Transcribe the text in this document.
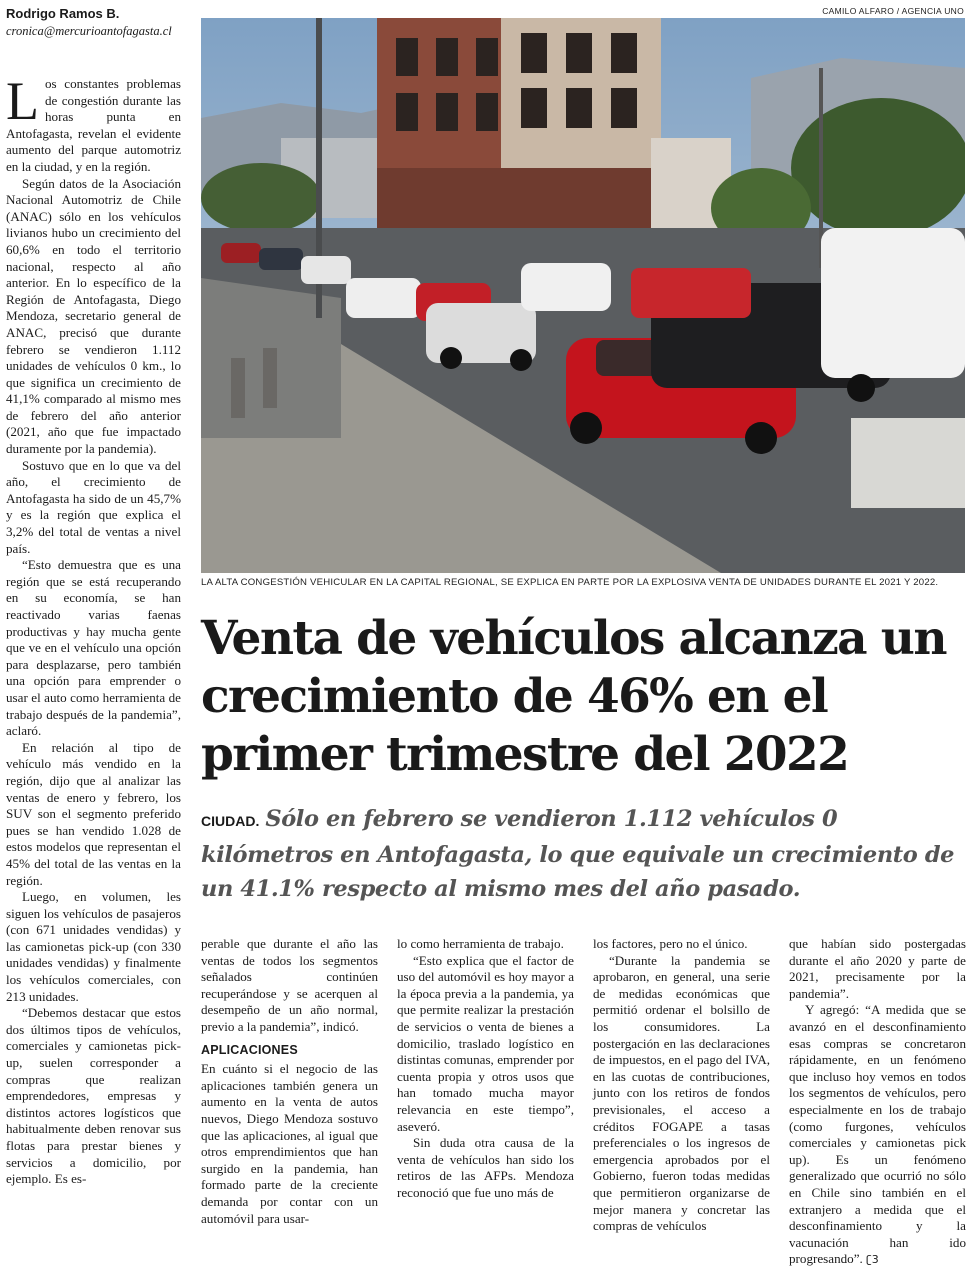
Rodrigo Ramos B.
cronica@mercurioantofagasta.cl
CAMILO ALFARO / AGENCIA UNO
LA ALTA CONGESTIÓN VEHICULAR EN LA CAPITAL REGIONAL, SE EXPLICA EN PARTE POR LA EXPLOSIVA VENTA DE UNIDADES DURANTE EL 2021 Y 2022.
Venta de vehículos alcanza un crecimiento de 46% en el primer trimestre del 2022
CIUDAD. Sólo en febrero se vendieron 1.112 vehículos 0 kilómetros en Antofagasta, lo que equivale un crecimiento de un 41.1% respecto al mismo mes del año pasado.

Los constantes problemas de congestión durante las horas punta en Antofagasta, revelan el evidente aumento del parque automotriz en la ciudad, y en la región.

Según datos de la Asociación Nacional Automotriz de Chile (ANAC) sólo en los vehículos livianos hubo un crecimiento del 60,6% en todo el territorio nacional, respecto al año anterior. En lo específico de la Región de Antofagasta, Diego Mendoza, secretario general de ANAC, precisó que durante febrero se vendieron 1.112 unidades de vehículos 0 km., lo que significa un crecimiento de 41,1% comparado al mismo mes de febrero del año anterior (2021, año que fue impactado duramente por la pandemia).

Sostuvo que en lo que va del año, el crecimiento de Antofagasta ha sido de un 45,7% y es la región que explica el 3,2% del total de ventas a nivel país.

“Esto demuestra que es una región que se está recuperando en su economía, se han reactivado varias faenas productivas y hay mucha gente que ve en el vehículo una opción para desplazarse, pero también una opción para emprender o usar el auto como herramienta de trabajo después de la pandemia”, aclaró.

En relación al tipo de vehículo más vendido en la región, dijo que al analizar las ventas de enero y febrero, los SUV son el segmento preferido pues se han vendido 1.028 de estos modelos que representan el 45% del total de las ventas en la región.

Luego, en volumen, les siguen los vehículos de pasajeros (con 671 unidades vendidas) y las camionetas pick-up (con 330 unidades vendidas) y finalmente los vehículos comerciales, con 213 unidades.

“Debemos destacar que estos dos últimos tipos de vehículos, comerciales y camionetas pick-up, suelen corresponder a compras que realizan emprendedores, empresas y distintos actores logísticos que habitualmente deben renovar sus flotas para prestar bienes y servicios a domicilio, por ejemplo. Es es-

perable que durante el año las ventas de todos los segmentos señalados continúen recuperándose y se acerquen al desempeño de un año normal, previo a la pandemia”, indicó.

APLICACIONES

En cuánto si el negocio de las aplicaciones también genera un aumento en la venta de autos nuevos, Diego Mendoza sostuvo que las aplicaciones, al igual que otros emprendimientos que han surgido en la pandemia, han formado parte de la creciente demanda por contar con un automóvil para usar-

lo como herramienta de trabajo.

“Esto explica que el factor de uso del automóvil es hoy mayor a la época previa a la pandemia, ya que permite realizar la prestación de servicios o venta de bienes a domicilio, traslado logístico en distintas comunas, emprender por cuenta propia y otros usos que han tomado mucha mayor relevancia en este tiempo”, aseveró.

Sin duda otra causa de la venta de vehículos han sido los retiros de las AFPs. Mendoza reconoció que fue uno más de

los factores, pero no el único.

“Durante la pandemia se aprobaron, en general, una serie de medidas económicas que permitió ordenar el bolsillo de los consumidores. La postergación en las declaraciones de impuestos, en el pago del IVA, en las cuotas de contribuciones, junto con los retiros de fondos previsionales, el acceso a créditos FOGAPE a tasas preferenciales o los ingresos de emergencia aprobados por el Gobierno, fueron todas medidas que permitieron organizarse de mejor manera y concretar las compras de vehículos

que habían sido postergadas durante el año 2020 y parte de 2021, precisamente por la pandemia”.

Y agregó: “A medida que se avanzó en el desconfinamiento esas compras se concretaron rápidamente, en un fenómeno que incluso hoy vemos en todos los segmentos de vehículos, pero especialmente en los de trabajo (como furgones, vehículos comerciales y camionetas pick up). Es un fenómeno generalizado que ocurrió no sólo en Chile sino también en el extranjero a medida que el desconfinamiento y la vacunación han ido progresando”. ʗ3
